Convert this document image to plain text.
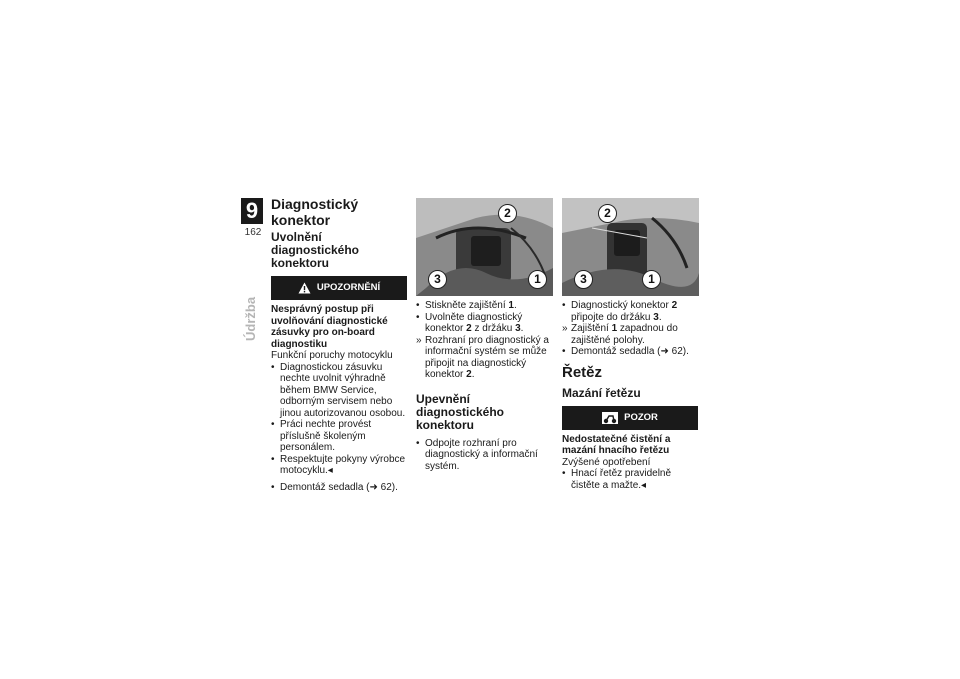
9
162
Údržba
Diagnostický konektor
Uvolnění diagnostického konektoru
UPOZORNĚNÍ
Nesprávný postup při uvolňování diagnostické zásuvky pro on-board diagnostiku
Funkční poruchy motocyklu
• Diagnostickou zásuvku nechte uvolnit výhradně během BMW Service, odborným servisem nebo jinou autorizovanou osobou.
• Práci nechte provést příslušně školeným personálem.
• Respektujte pokyny výrobce motocyklu.◂
• Demontáž sedadla (➜ 62).
2
3	1
2
3	1
• Stiskněte zajištění 1.
• Uvolněte diagnostický konektor 2 z držáku 3.
» Rozhraní pro diagnostický a informační systém se může připojit na diagnostický konektor 2.
Upevnění diagnostického konektoru
• Odpojte rozhraní pro diagnostický a informační systém.
• Diagnostický konektor 2 připojte do držáku 3.
» Zajištění 1 zapadnou do zajištěné polohy.
• Demontáž sedadla (➜ 62).
Řetěz
Mazání řetězu
POZOR
Nedostatečné čistění a mazání hnacího řetězu
Zvýšené opotřebení
• Hnací řetěz pravidelně čistěte a mažte.◂
